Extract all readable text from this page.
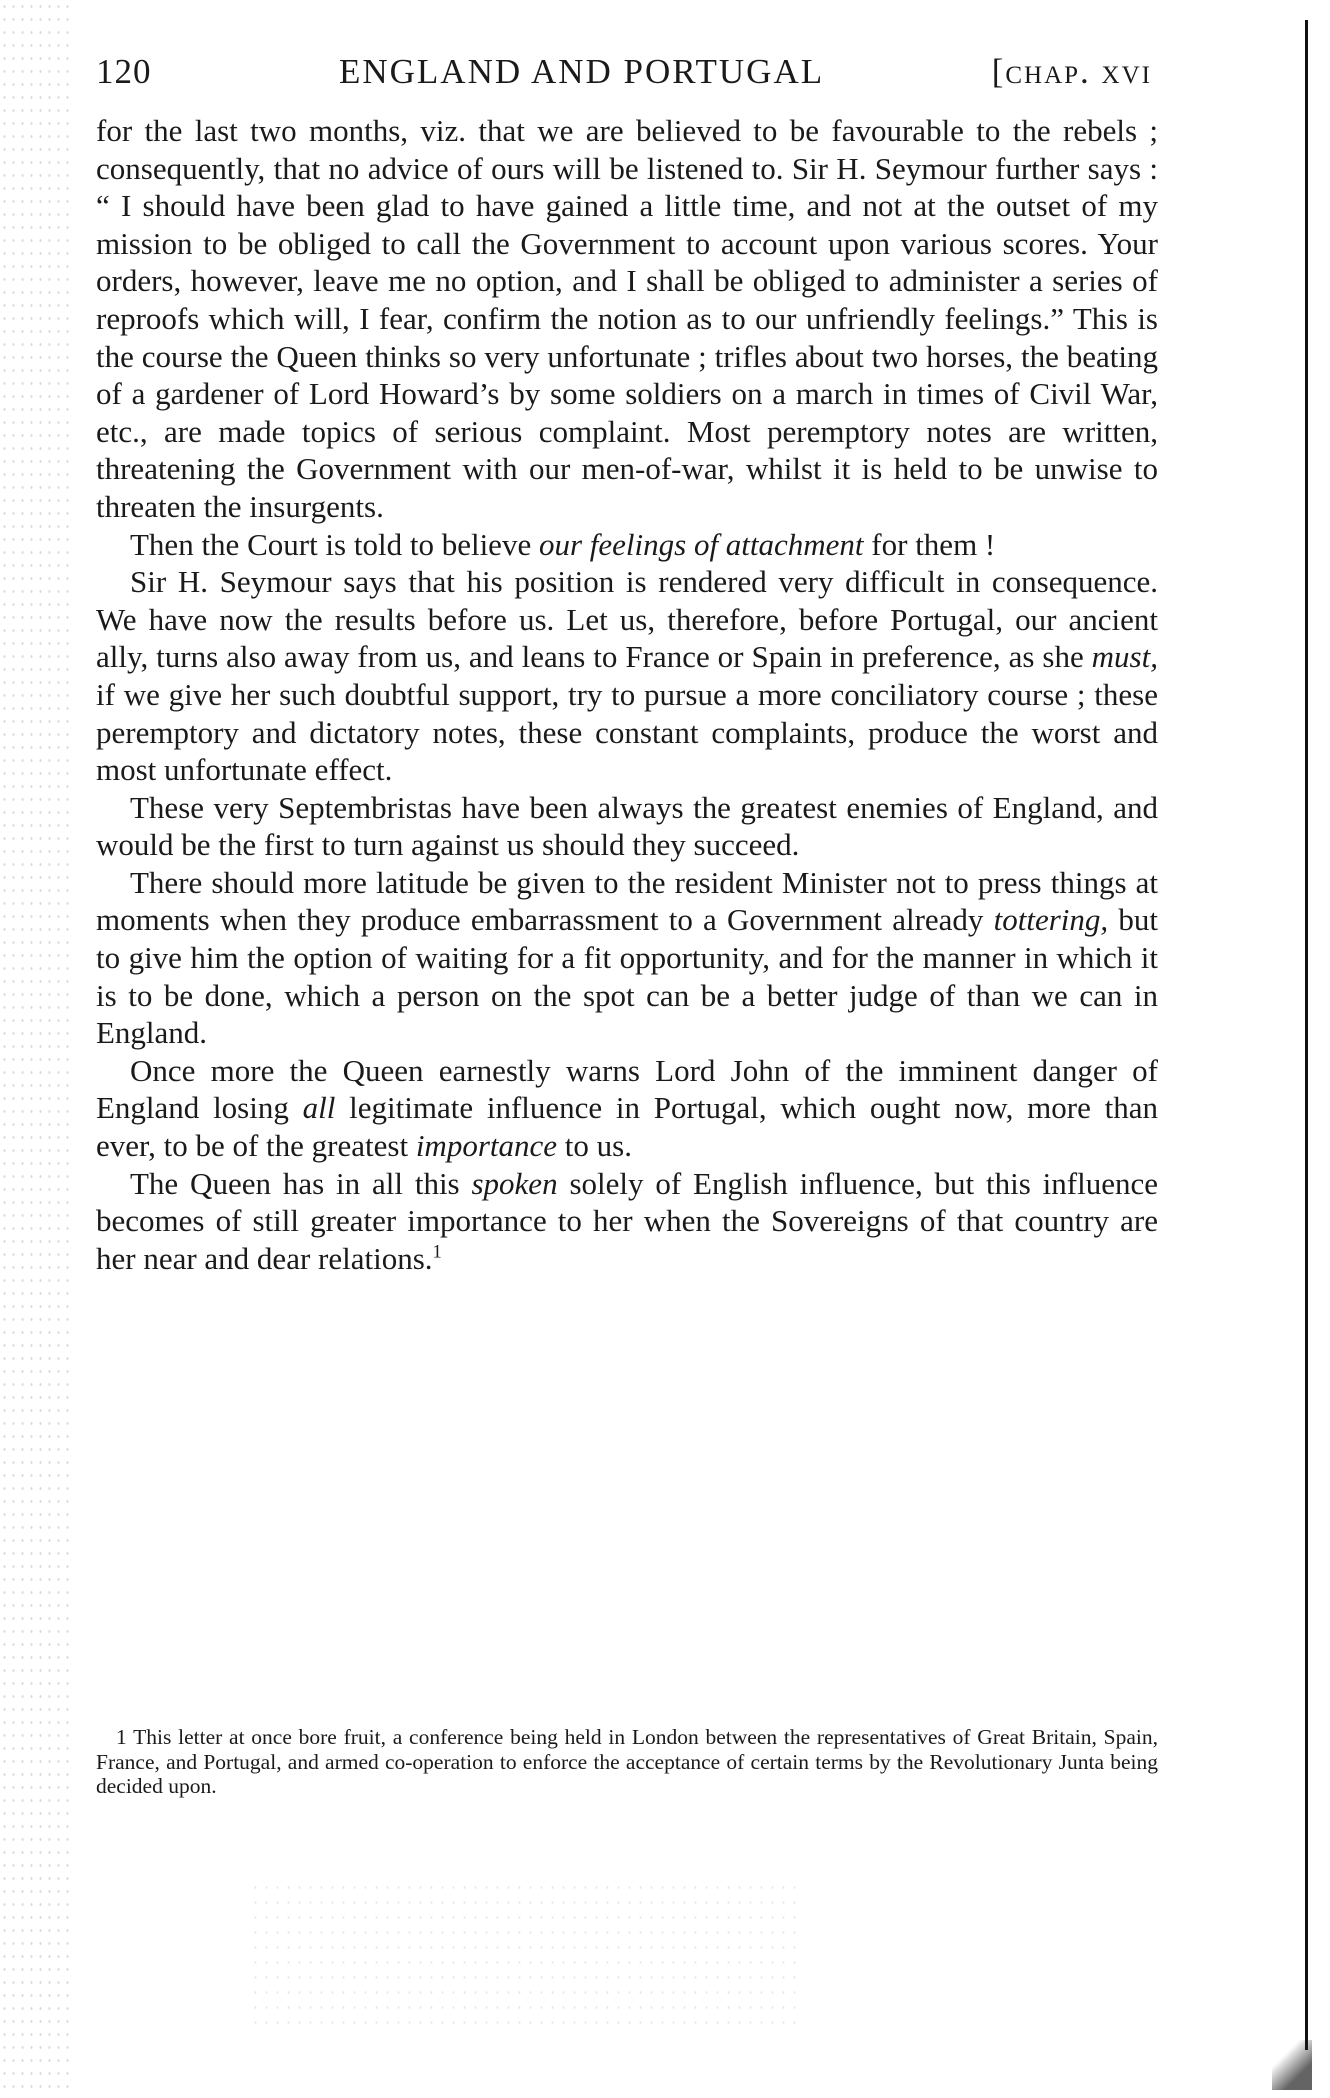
120	ENGLAND AND PORTUGAL	[chap. xvi

for the last two months, viz. that we are believed to be favourable to the rebels ; consequently, that no advice of ours will be listened to. Sir H. Seymour further says : “ I should have been glad to have gained a little time, and not at the outset of my mission to be obliged to call the Government to account upon various scores. Your orders, however, leave me no option, and I shall be obliged to administer a series of reproofs which will, I fear, confirm the notion as to our unfriendly feelings.” This is the course the Queen thinks so very unfortunate ; trifles about two horses, the beating of a gardener of Lord Howard’s by some soldiers on a march in times of Civil War, etc., are made topics of serious complaint. Most peremptory notes are written, threatening the Government with our men-of-war, whilst it is held to be unwise to threaten the insurgents.

Then the Court is told to believe our feelings of attachment for them !

Sir H. Seymour says that his position is rendered very difficult in consequence. We have now the results before us. Let us, therefore, before Portugal, our ancient ally, turns also away from us, and leans to France or Spain in preference, as she must, if we give her such doubtful support, try to pursue a more conciliatory course ; these peremptory and dictatory notes, these constant complaints, produce the worst and most unfortunate effect.

These very Septembristas have been always the greatest enemies of England, and would be the first to turn against us should they succeed.

There should more latitude be given to the resident Minister not to press things at moments when they produce embarrassment to a Government already tottering, but to give him the option of waiting for a fit opportunity, and for the manner in which it is to be done, which a person on the spot can be a better judge of than we can in England.

Once more the Queen earnestly warns Lord John of the imminent danger of England losing all legitimate influence in Portugal, which ought now, more than ever, to be of the greatest importance to us.

The Queen has in all this spoken solely of English influence, but this influence becomes of still greater importance to her when the Sovereigns of that country are her near and dear relations.$^1$

1 This letter at once bore fruit, a conference being held in London between the representatives of Great Britain, Spain, France, and Portugal, and armed co-operation to enforce the acceptance of certain terms by the Revolutionary Junta being decided upon.
